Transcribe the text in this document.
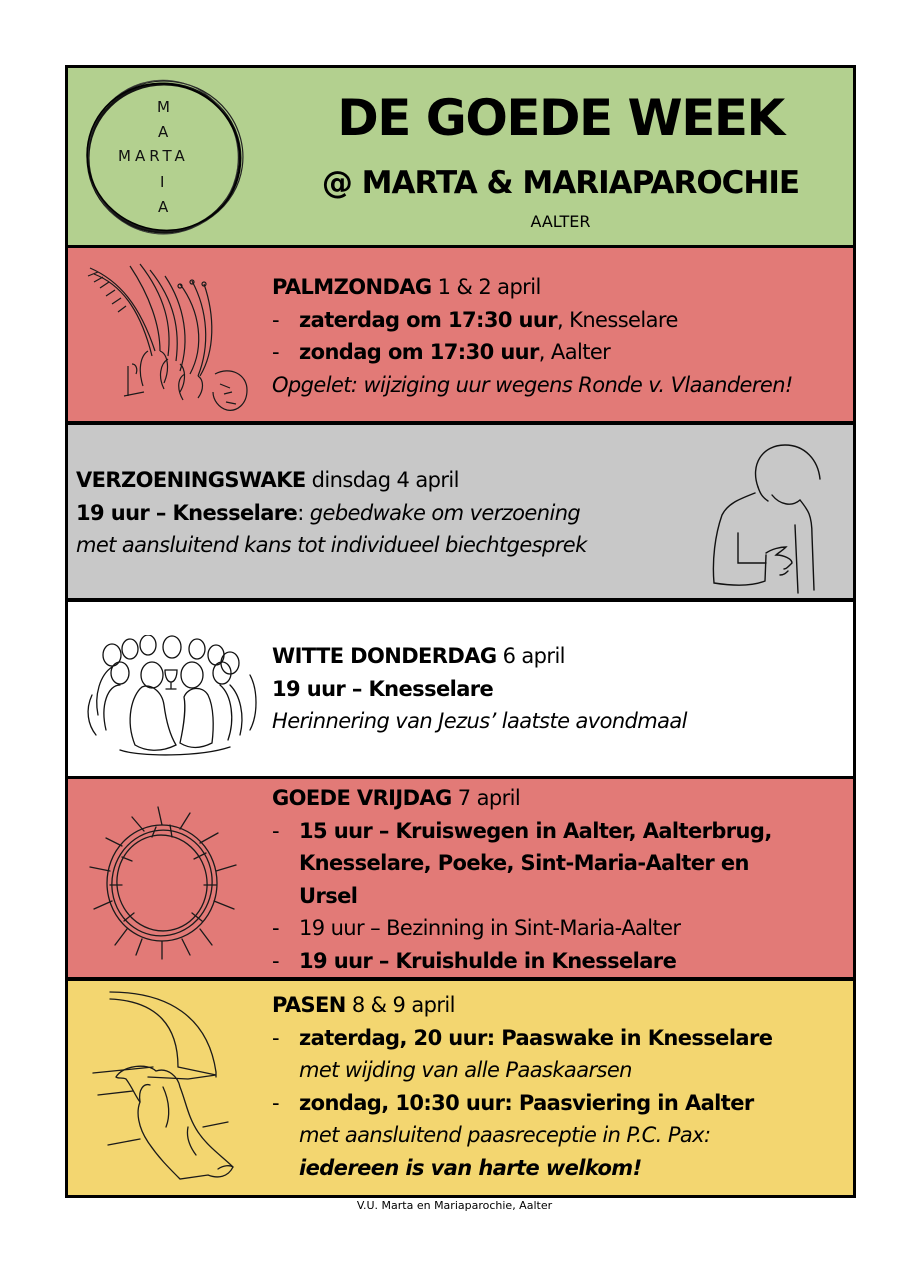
M
A
MARTA
I
A
DE GOEDE WEEK
@ MARTA & MARIAPAROCHIE
AALTER
PALMZONDAG 1 & 2 april
- zaterdag om 17:30 uur, Knesselare
- zondag om 17:30 uur, Aalter
Opgelet: wijziging uur wegens Ronde v. Vlaanderen!
VERZOENINGSWAKE dinsdag 4 april
19 uur – Knesselare: gebedwake om verzoening
met aansluitend kans tot individueel biechtgesprek
WITTE DONDERDAG 6 april
19 uur – Knesselare
Herinnering van Jezus’ laatste avondmaal
GOEDE VRIJDAG 7 april
- 15 uur – Kruiswegen in Aalter, Aalterbrug,
Knesselare, Poeke, Sint-Maria-Aalter en
Ursel
- 19 uur – Bezinning in Sint-Maria-Aalter
- 19 uur – Kruishulde in Knesselare
PASEN 8 & 9 april
- zaterdag, 20 uur: Paaswake in Knesselare
met wijding van alle Paaskaarsen
- zondag, 10:30 uur: Paasviering in Aalter
met aansluitend paasreceptie in P.C. Pax:
iedereen is van harte welkom!
V.U. Marta en Mariaparochie, Aalter
